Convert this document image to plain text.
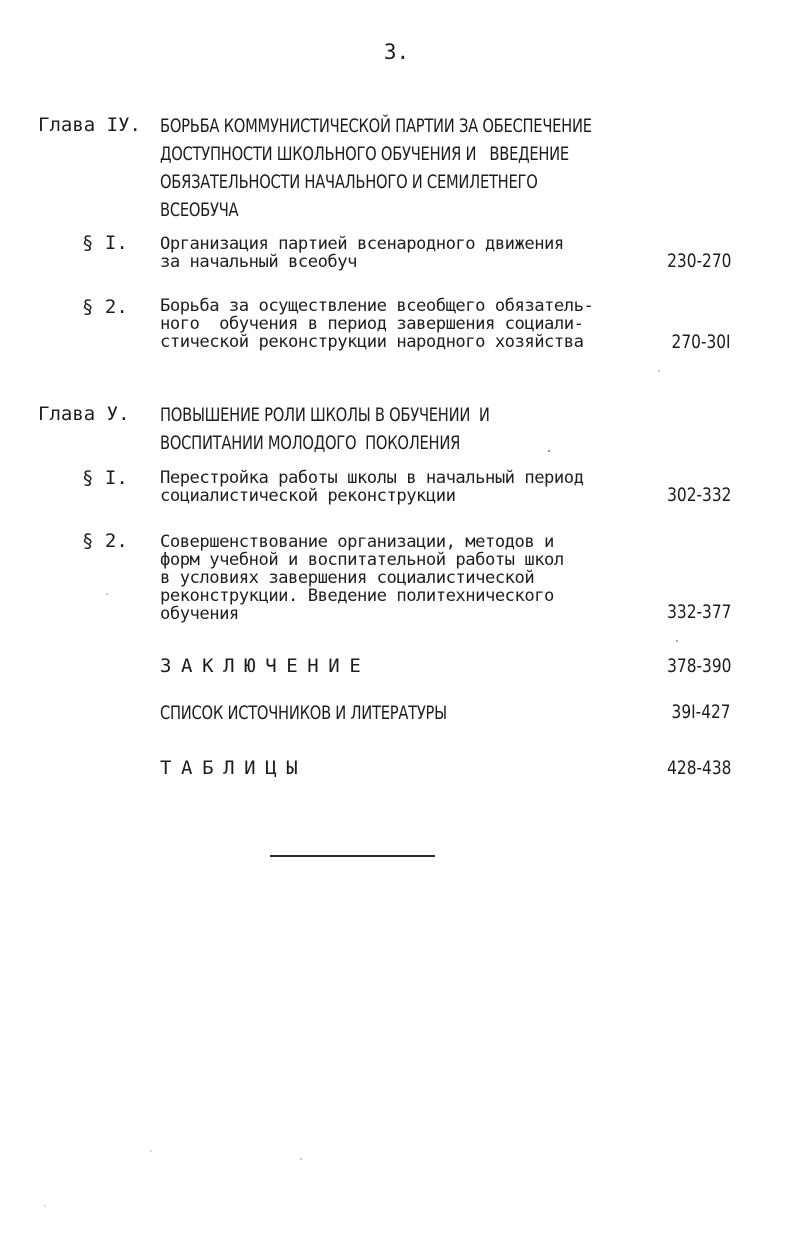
3.
Глава IУ. БОРЬБА КОММУНИСТИЧЕСКОЙ ПАРТИИ ЗА ОБЕСПЕЧЕНИЕ
ДОСТУПНОСТИ ШКОЛЬНОГО ОБУЧЕНИЯ И   ВВЕДЕНИЕ
ОБЯЗАТЕЛЬНОСТИ НАЧАЛЬНОГО И СЕМИЛЕТНЕГО
ВСЕОБУЧА
§ I. Организация партией всенародного движения
за начальный всеобуч	230-270
§ 2. Борьба за осуществление всеобщего обязатель-
ного  обучения в период завершения социали-
стической реконструкции народного хозяйства	270-30I
Глава У. ПОВЫШЕНИЕ РОЛИ ШКОЛЫ В ОБУЧЕНИИ  И
ВОСПИТАНИИ МОЛОДОГО  ПОКОЛЕНИЯ
§ I. Перестройка работы школы в начальный период
социалистической реконструкции	302-332
§ 2. Совершенствование организации, методов и
форм учебной и воспитательной работы школ
в условиях завершения социалистической
реконструкции. Введение политехнического
обучения	332-377
ЗАКЛЮЧЕНИЕ	378-390
СПИСОК ИСТОЧНИКОВ И ЛИТЕРАТУРЫ	39I-427
ТАБЛИЦЫ	428-438
